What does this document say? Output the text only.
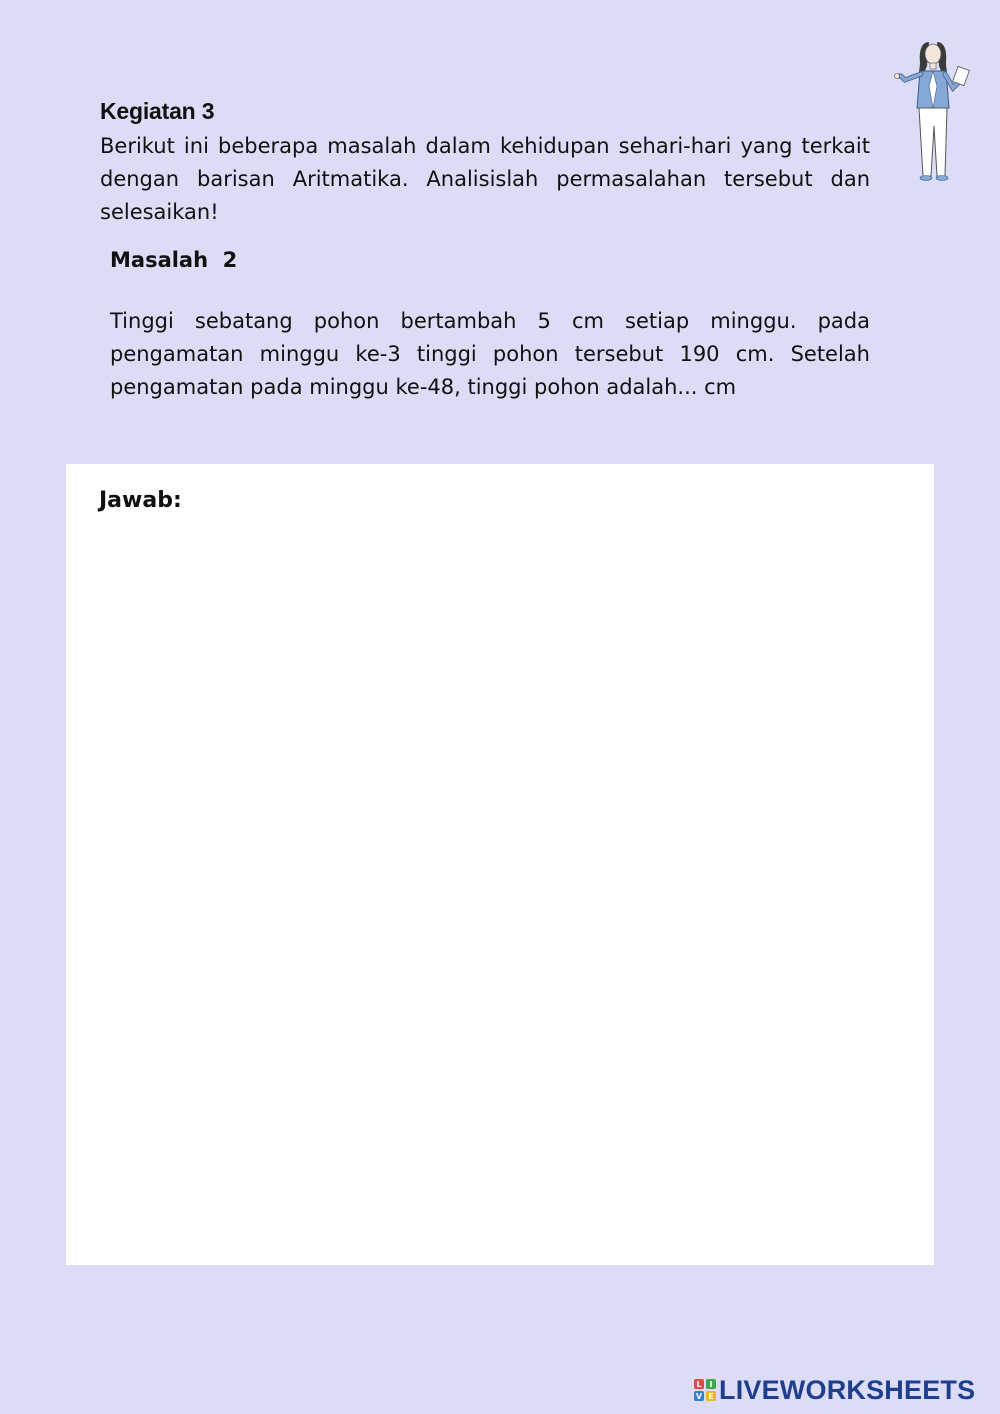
Kegiatan 3

Berikut ini beberapa masalah dalam kehidupan sehari-hari yang terkait dengan barisan Aritmatika. Analisislah permasalahan tersebut dan selesaikan!

Masalah  2

Tinggi sebatang pohon bertambah 5 cm setiap minggu. pada pengamatan minggu ke-3 tinggi pohon tersebut 190 cm. Setelah pengamatan pada minggu ke-48, tinggi pohon adalah... cm

Jawab:

L I
V E LIVEWORKSHEETS
